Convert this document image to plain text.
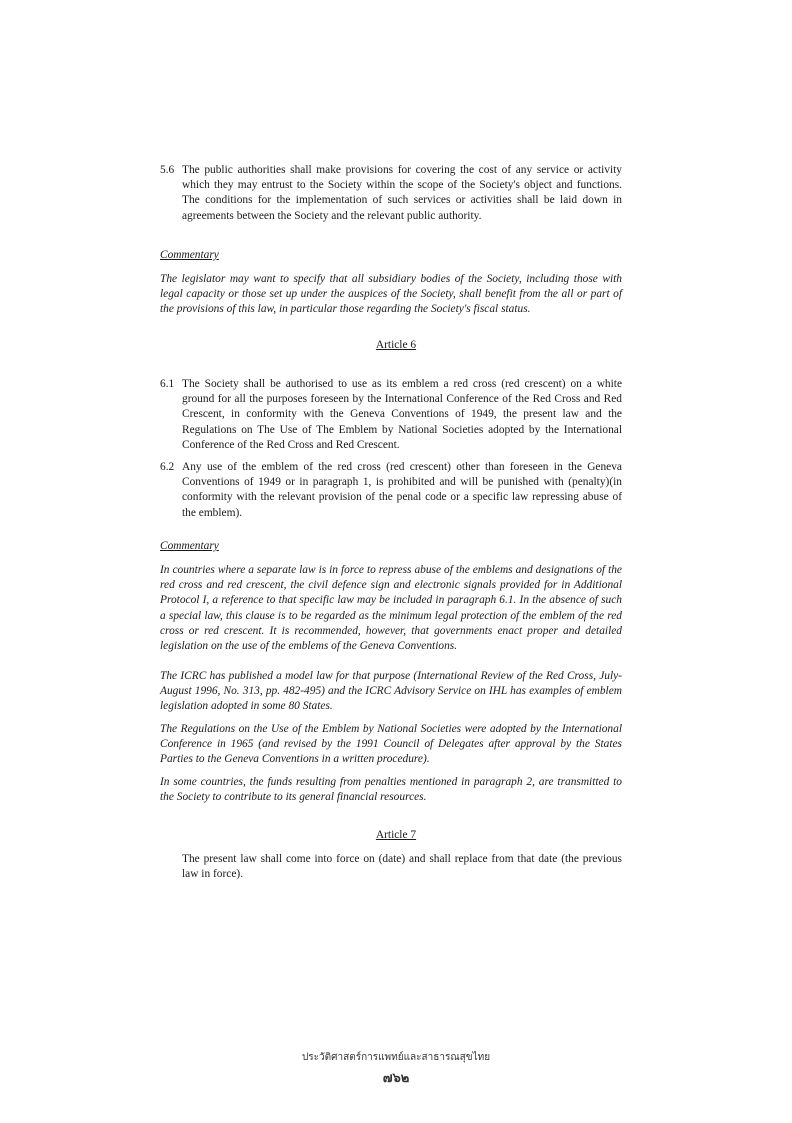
5.6 The public authorities shall make provisions for covering the cost of any service or activity which they may entrust to the Society within the scope of the Society's object and functions. The conditions for the implementation of such services or activities shall be laid down in agreements between the Society and the relevant public authority.

Commentary

The legislator may want to specify that all subsidiary bodies of the Society, including those with legal capacity or those set up under the auspices of the Society, shall benefit from the all or part of the provisions of this law, in particular those regarding the Society's fiscal status.

Article 6

6.1 The Society shall be authorised to use as its emblem a red cross (red crescent) on a white ground for all the purposes foreseen by the International Conference of the Red Cross and Red Crescent, in conformity with the Geneva Conventions of 1949, the present law and the Regulations on The Use of The Emblem by National Societies adopted by the International Conference of the Red Cross and Red Crescent.

6.2 Any use of the emblem of the red cross (red crescent) other than foreseen in the Geneva Conventions of 1949 or in paragraph 1, is prohibited and will be punished with (penalty)(in conformity with the relevant provision of the penal code or a specific law repressing abuse of the emblem).

Commentary

In countries where a separate law is in force to repress abuse of the emblems and designations of the red cross and red crescent, the civil defence sign and electronic signals provided for in Additional Protocol I, a reference to that specific law may be included in paragraph 6.1. In the absence of such a special law, this clause is to be regarded as the minimum legal protection of the emblem of the red cross or red crescent. It is recommended, however, that governments enact proper and detailed legislation on the use of the emblems of the Geneva Conventions.

The ICRC has published a model law for that purpose (International Review of the Red Cross, July-August 1996, No. 313, pp. 482-495) and the ICRC Advisory Service on IHL has examples of emblem legislation adopted in some 80 States.

The Regulations on the Use of the Emblem by National Societies were adopted by the International Conference in 1965 (and revised by the 1991 Council of Delegates after approval by the States Parties to the Geneva Conventions in a written procedure).

In some countries, the funds resulting from penalties mentioned in paragraph 2, are transmitted to the Society to contribute to its general financial resources.

Article 7

The present law shall come into force on (date) and shall replace from that date (the previous law in force).

ประวัติศาสตร์การแพทย์และสาธารณสุขไทย
๗๖๒
